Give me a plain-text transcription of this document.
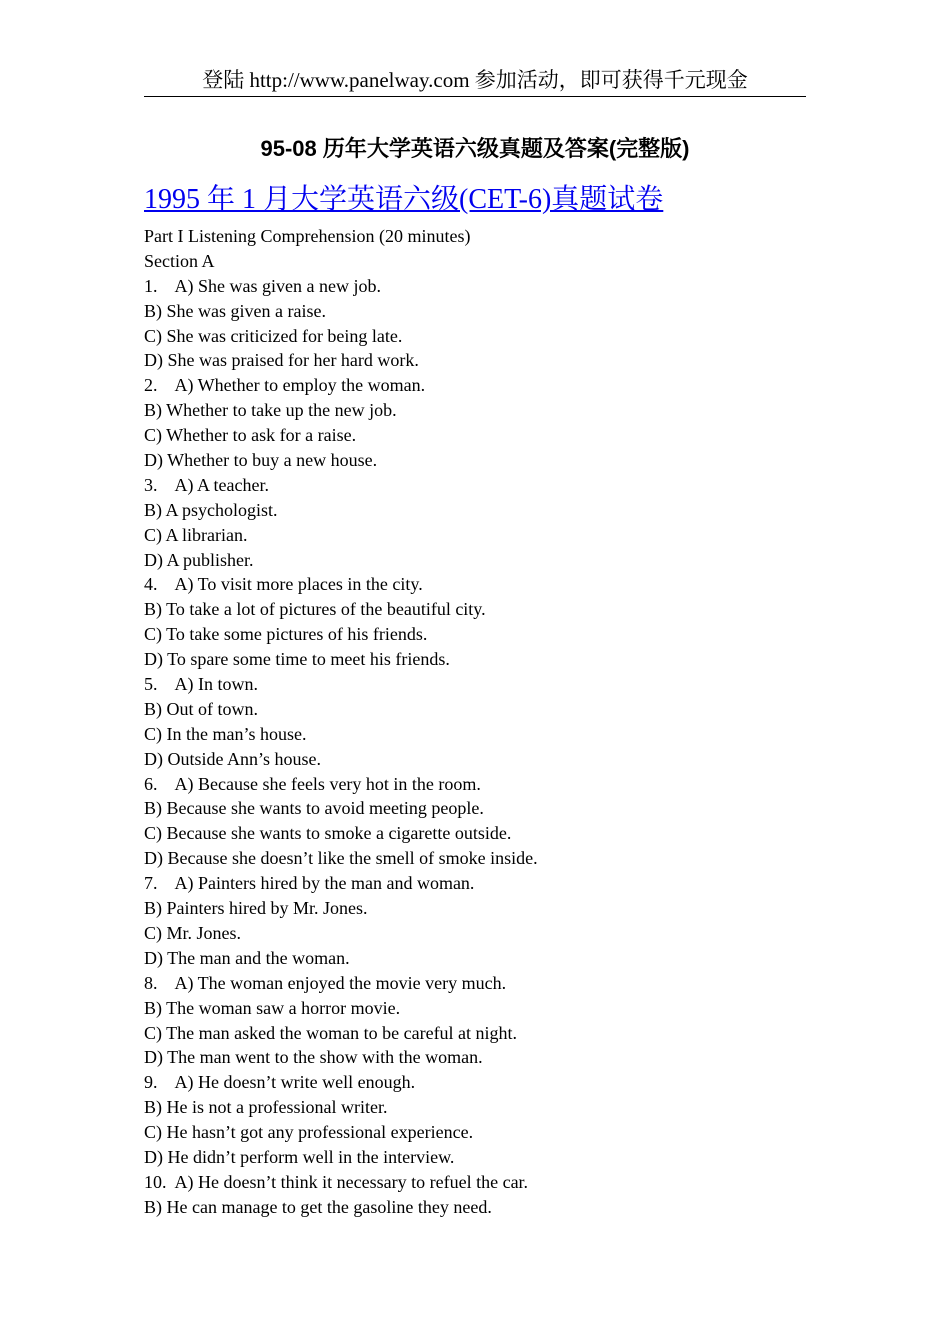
登陆 http://www.panelway.com 参加活动，即可获得千元现金
95-08 历年大学英语六级真题及答案(完整版)
1995 年 1 月大学英语六级(CET-6)真题试卷
Part I Listening Comprehension (20 minutes)
Section A
1.    A) She was given a new job.
B) She was given a raise.
C) She was criticized for being late.
D) She was praised for her hard work.
2.    A) Whether to employ the woman.
B) Whether to take up the new job.
C) Whether to ask for a raise.
D) Whether to buy a new house.
3.    A) A teacher.
B) A psychologist.
C) A librarian.
D) A publisher.
4.    A) To visit more places in the city.
B) To take a lot of pictures of the beautiful city.
C) To take some pictures of his friends.
D) To spare some time to meet his friends.
5.    A) In town.
B) Out of town.
C) In the man’s house.
D) Outside Ann’s house.
6.    A) Because she feels very hot in the room.
B) Because she wants to avoid meeting people.
C) Because she wants to smoke a cigarette outside.
D) Because she doesn’t like the smell of smoke inside.
7.    A) Painters hired by the man and woman.
B) Painters hired by Mr. Jones.
C) Mr. Jones.
D) The man and the woman.
8.    A) The woman enjoyed the movie very much.
B) The woman saw a horror movie.
C) The man asked the woman to be careful at night.
D) The man went to the show with the woman.
9.    A) He doesn’t write well enough.
B) He is not a professional writer.
C) He hasn’t got any professional experience.
D) He didn’t perform well in the interview.
10.  A) He doesn’t think it necessary to refuel the car.
B) He can manage to get the gasoline they need.
